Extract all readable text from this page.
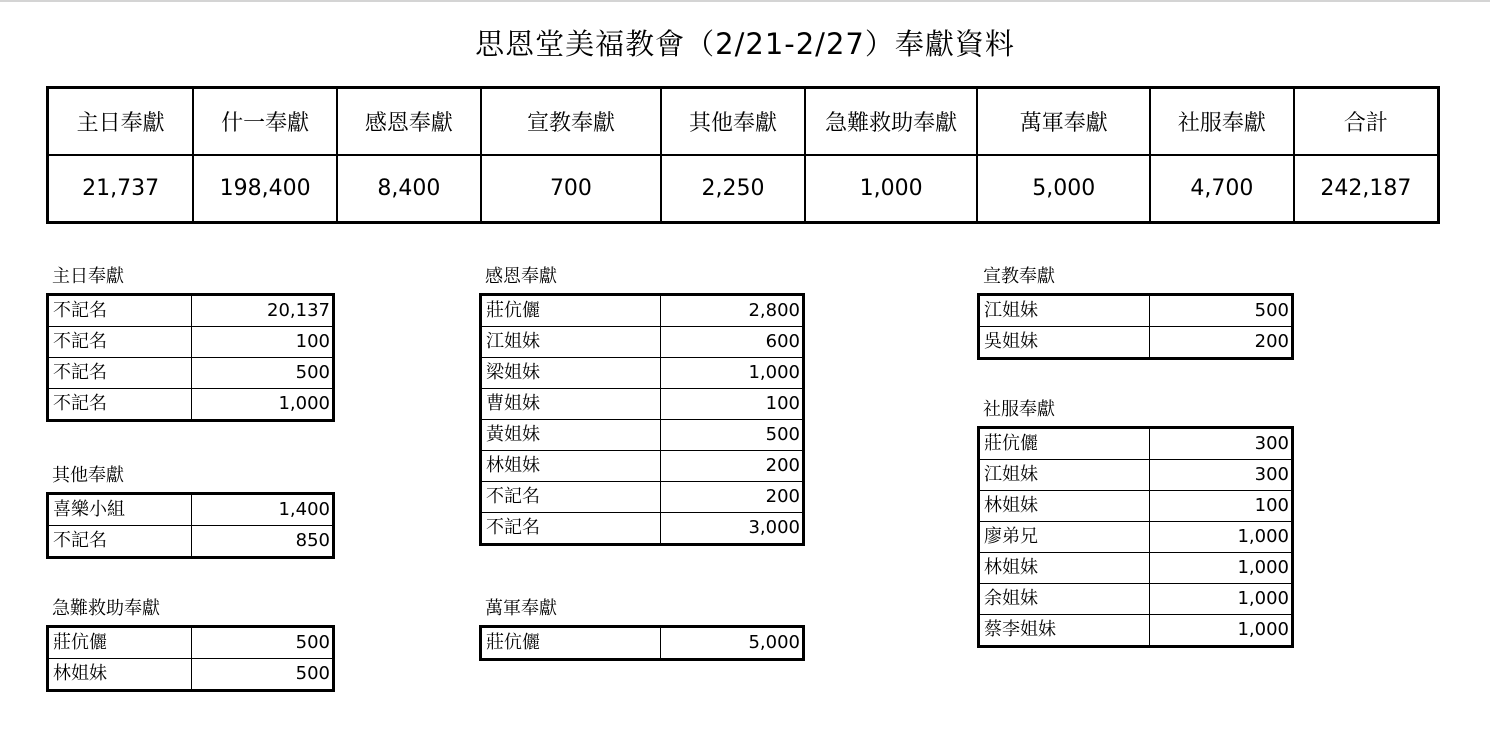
思恩堂美福教會（2/21-2/27）奉獻資料
主日奉獻	什一奉獻	感恩奉獻	宣教奉獻	其他奉獻	急難救助奉獻	萬軍奉獻	社服奉獻	合計
21,737	198,400	8,400	700	2,250	1,000	5,000	4,700	242,187
主日奉獻
不記名	20,137
不記名	100
不記名	500
不記名	1,000
其他奉獻
喜樂小組	1,400
不記名	850
急難救助奉獻
莊伉儷	500
林姐妹	500
感恩奉獻
莊伉儷	2,800
江姐妹	600
梁姐妹	1,000
曹姐妹	100
黃姐妹	500
林姐妹	200
不記名	200
不記名	3,000
萬軍奉獻
莊伉儷	5,000
宣教奉獻
江姐妹	500
吳姐妹	200
社服奉獻
莊伉儷	300
江姐妹	300
林姐妹	100
廖弟兄	1,000
林姐妹	1,000
余姐妹	1,000
蔡李姐妹	1,000
